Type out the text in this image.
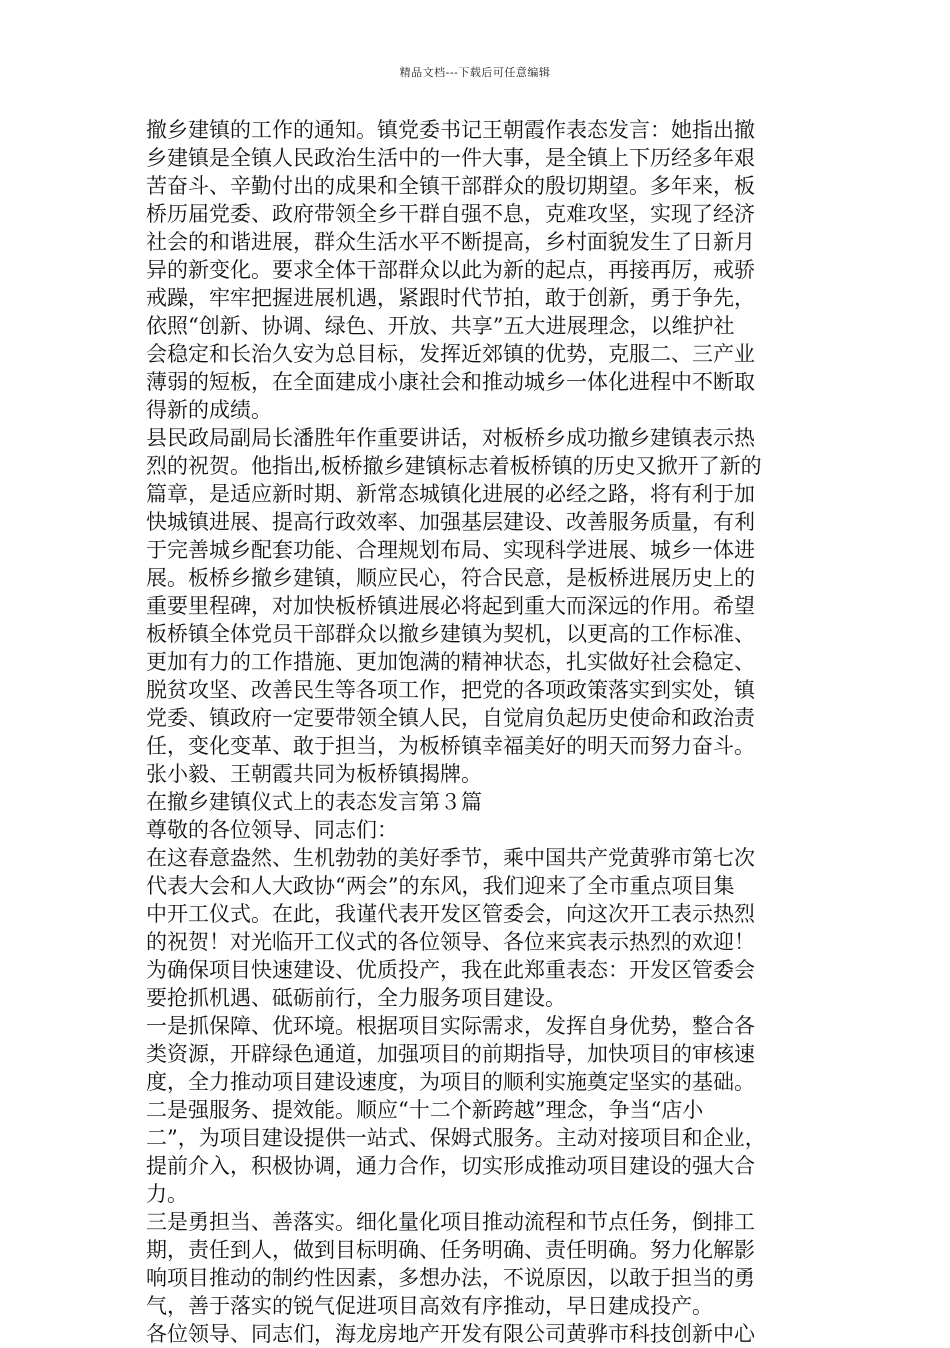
精品文档---下载后可任意编辑
撤乡建镇的工作的通知。镇党委书记王朝霞作表态发言：她指出撤
乡建镇是全镇人民政治生活中的一件大事，是全镇上下历经多年艰
苦奋斗、辛勤付出的成果和全镇干部群众的殷切期望。多年来，板
桥历届党委、政府带领全乡干群自强不息，克难攻坚，实现了经济
社会的和谐进展，群众生活水平不断提高，乡村面貌发生了日新月
异的新变化。要求全体干部群众以此为新的起点，再接再厉，戒骄
戒躁，牢牢把握进展机遇，紧跟时代节拍，敢于创新，勇于争先，
依照“创新、协调、绿色、开放、共享”五大进展理念，以维护社
会稳定和长治久安为总目标，发挥近郊镇的优势，克服二、三产业
薄弱的短板，在全面建成小康社会和推动城乡一体化进程中不断取
得新的成绩。
县民政局副局长潘胜年作重要讲话，对板桥乡成功撤乡建镇表示热
烈的祝贺。他指出,板桥撤乡建镇标志着板桥镇的历史又掀开了新的
篇章，是适应新时期、新常态城镇化进展的必经之路，将有利于加
快城镇进展、提高行政效率、加强基层建设、改善服务质量，有利
于完善城乡配套功能、合理规划布局、实现科学进展、城乡一体进
展。板桥乡撤乡建镇，顺应民心，符合民意，是板桥进展历史上的
重要里程碑，对加快板桥镇进展必将起到重大而深远的作用。希望
板桥镇全体党员干部群众以撤乡建镇为契机，以更高的工作标准、
更加有力的工作措施、更加饱满的精神状态，扎实做好社会稳定、
脱贫攻坚、改善民生等各项工作，把党的各项政策落实到实处，镇
党委、镇政府一定要带领全镇人民，自觉肩负起历史使命和政治责
任，变化变革、敢于担当，为板桥镇幸福美好的明天而努力奋斗。
张小毅、王朝霞共同为板桥镇揭牌。
在撤乡建镇仪式上的表态发言第３篇
尊敬的各位领导、同志们：
在这春意盎然、生机勃勃的美好季节，乘中国共产党黄骅市第七次
代表大会和人大政协“两会”的东风，我们迎来了全市重点项目集
中开工仪式。在此，我谨代表开发区管委会，向这次开工表示热烈
的祝贺！对光临开工仪式的各位领导、各位来宾表示热烈的欢迎！
为确保项目快速建设、优质投产，我在此郑重表态：开发区管委会
要抢抓机遇、砥砺前行，全力服务项目建设。
一是抓保障、优环境。根据项目实际需求，发挥自身优势，整合各
类资源，开辟绿色通道，加强项目的前期指导，加快项目的审核速
度，全力推动项目建设速度，为项目的顺利实施奠定坚实的基础。
二是强服务、提效能。顺应“十二个新跨越”理念，争当“店小
二”，为项目建设提供一站式、保姆式服务。主动对接项目和企业，
提前介入，积极协调，通力合作，切实形成推动项目建设的强大合
力。
三是勇担当、善落实。细化量化项目推动流程和节点任务，倒排工
期，责任到人，做到目标明确、任务明确、责任明确。努力化解影
响项目推动的制约性因素，多想办法，不说原因，以敢于担当的勇
气，善于落实的锐气促进项目高效有序推动，早日建成投产。
各位领导、同志们，海龙房地产开发有限公司黄骅市科技创新中心
